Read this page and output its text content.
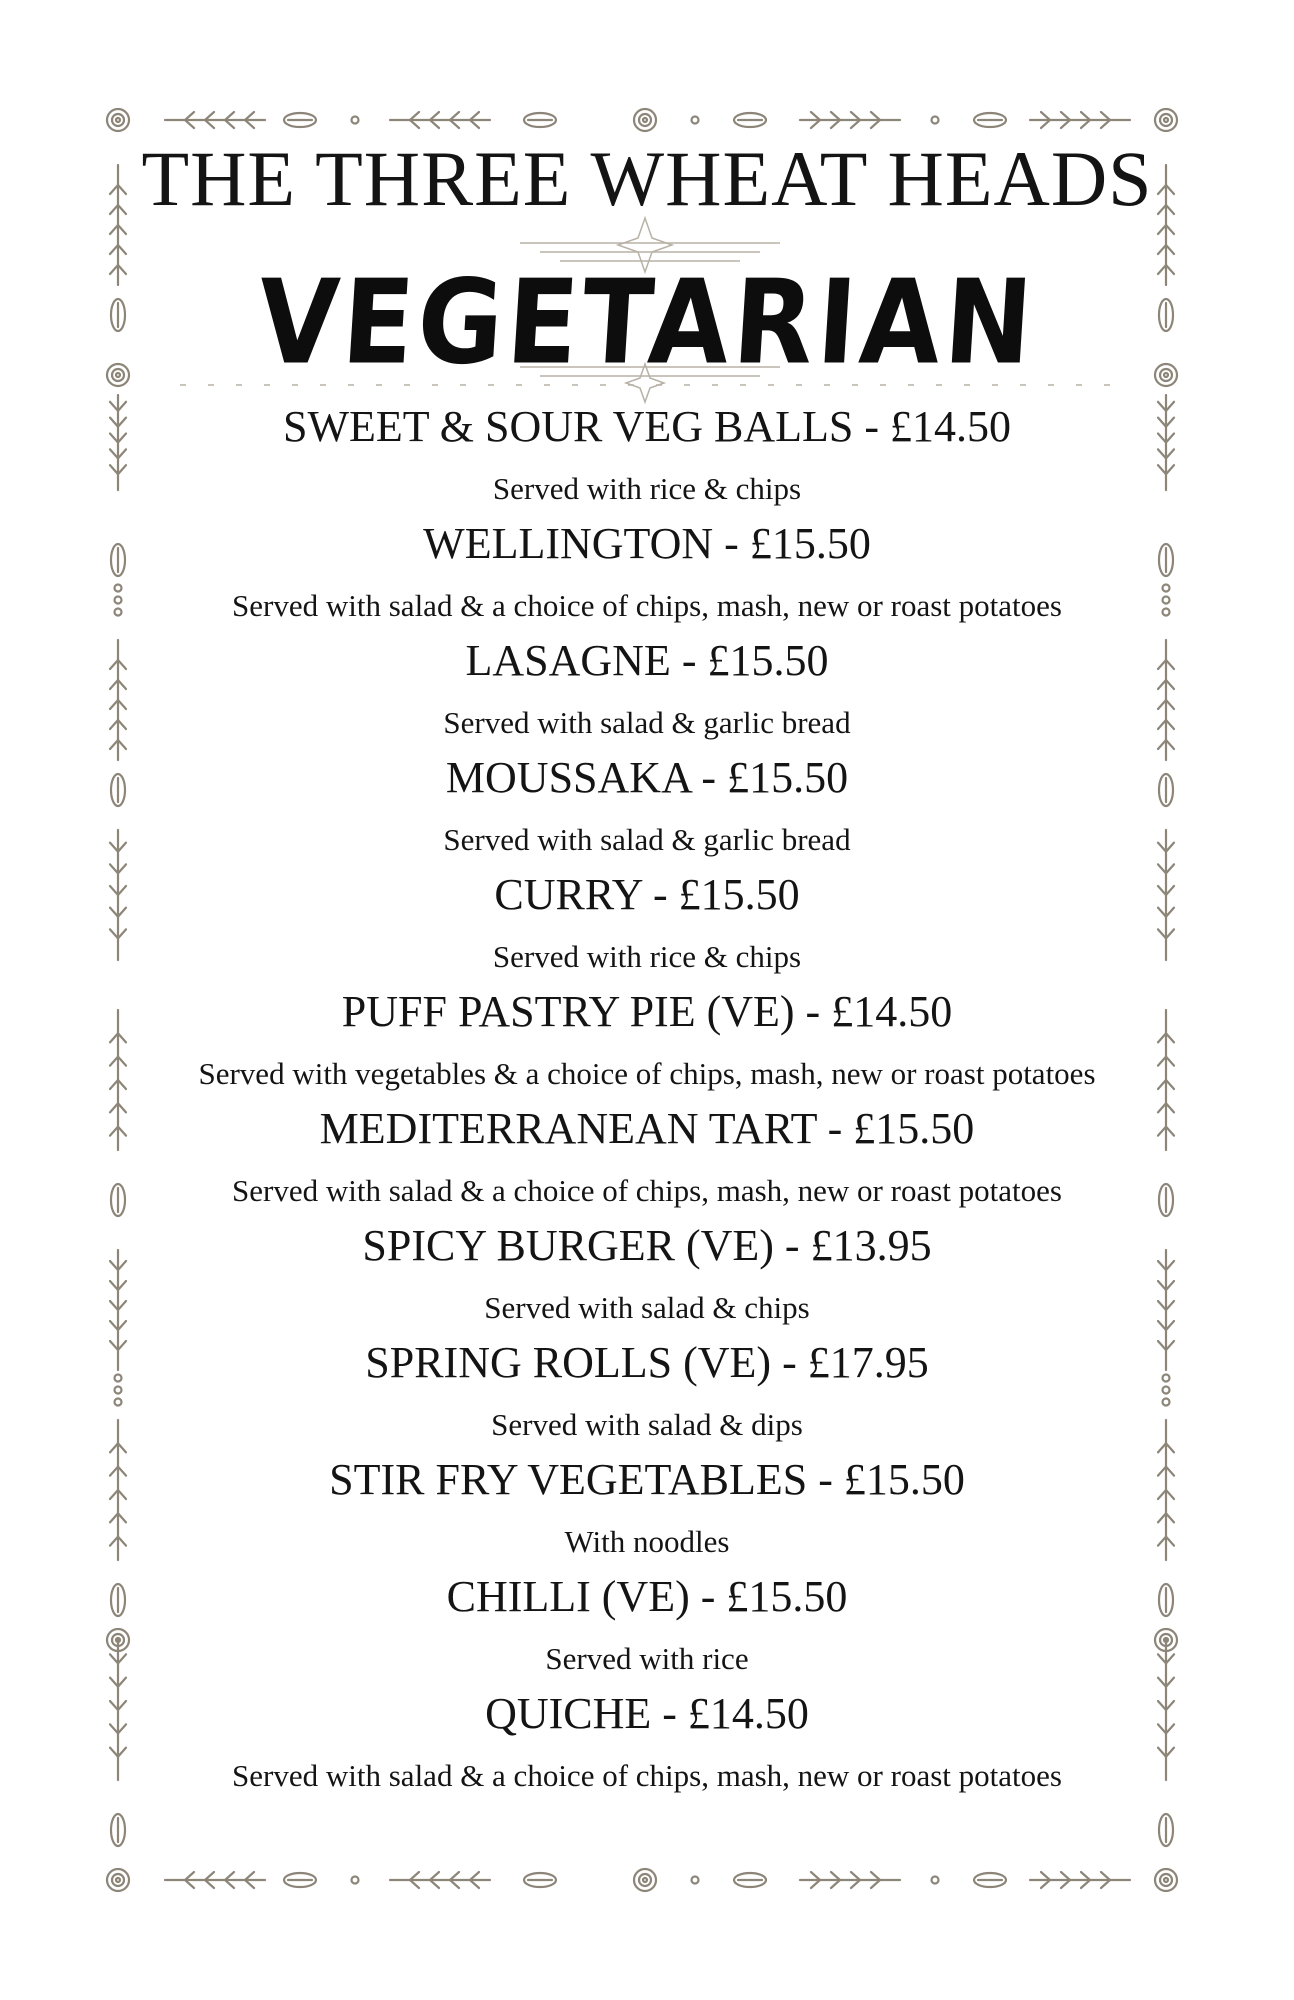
THE THREE WHEAT HEADS
VEGETARIAN
SWEET & SOUR VEG BALLS - £14.50
Served with rice & chips
WELLINGTON - £15.50
Served with salad & a choice of chips, mash, new or roast potatoes
LASAGNE - £15.50
Served with salad & garlic bread
MOUSSAKA - £15.50
Served with salad & garlic bread
CURRY - £15.50
Served with rice & chips
PUFF PASTRY PIE (VE) - £14.50
Served with vegetables & a choice of chips, mash, new or roast potatoes
MEDITERRANEAN TART - £15.50
Served with salad & a choice of chips, mash, new or roast potatoes
SPICY BURGER (VE) - £13.95
Served with salad & chips
SPRING ROLLS (VE) - £17.95
Served with salad & dips
STIR FRY VEGETABLES - £15.50
With noodles
CHILLI (VE) - £15.50
Served with rice
QUICHE - £14.50
Served with salad & a choice of chips, mash, new or roast potatoes
